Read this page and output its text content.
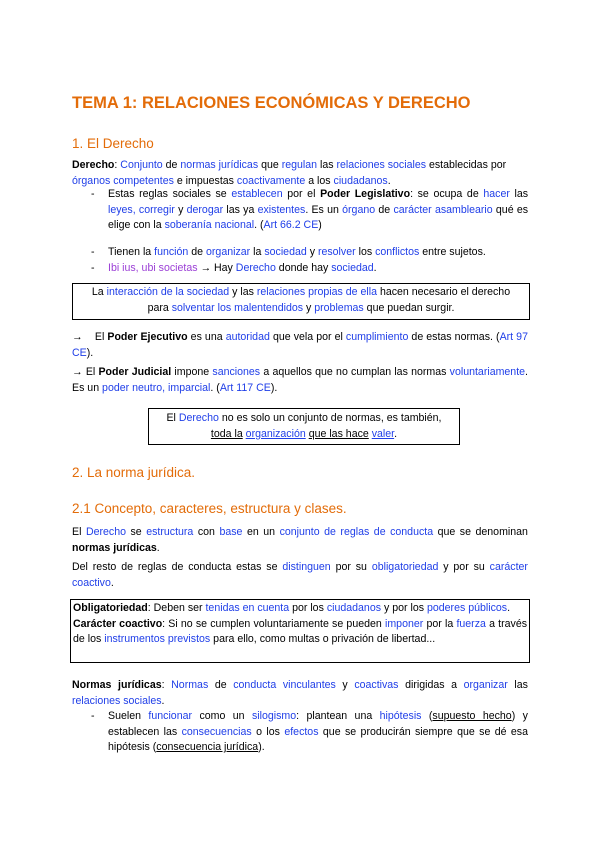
TEMA 1: RELACIONES ECONÓMICAS Y DERECHO
1. El Derecho

Derecho: Conjunto de normas jurídicas que regulan las relaciones sociales establecidas por órganos competentes e impuestas coactivamente a los ciudadanos.

- Estas reglas sociales se establecen por el Poder Legislativo: se ocupa de hacer las leyes, corregir y derogar las ya existentes. Es un órgano de carácter asambleario qué es elige con la soberanía nacional. (Art 66.2 CE)
- Tienen la función de organizar la sociedad y resolver los conflictos entre sujetos.
- Ibi ius, ubi societas → Hay Derecho donde hay sociedad.
La interacción de la sociedad y las relaciones propias de ella hacen necesario el derecho para solventar los malentendidos y problemas que puedan surgir.

→ El Poder Ejecutivo es una autoridad que vela por el cumplimiento de estas normas. (Art 97 CE).

→ El Poder Judicial impone sanciones a aquellos que no cumplan las normas voluntariamente. Es un poder neutro, imparcial. (Art 117 CE).

El Derecho no es solo un conjunto de normas, es también,
toda la organización que las hace valer.
2. La norma jurídica.
2.1 Concepto, caracteres, estructura y clases.

El Derecho se estructura con base en un conjunto de reglas de conducta que se denominan normas jurídicas.

Del resto de reglas de conducta estas se distinguen por su obligatoriedad y por su carácter coactivo.

Obligatoriedad: Deben ser tenidas en cuenta por los ciudadanos y por los poderes públicos.
Carácter coactivo: Si no se cumplen voluntariamente se pueden imponer por la fuerza a través de los instrumentos previstos para ello, como multas o privación de libertad...

Normas jurídicas: Normas de conducta vinculantes y coactivas dirigidas a organizar las relaciones sociales.

- Suelen funcionar como un silogismo: plantean una hipótesis (supuesto hecho) y establecen las consecuencias o los efectos que se producirán siempre que se dé esa hipótesis (consecuencia jurídica).
